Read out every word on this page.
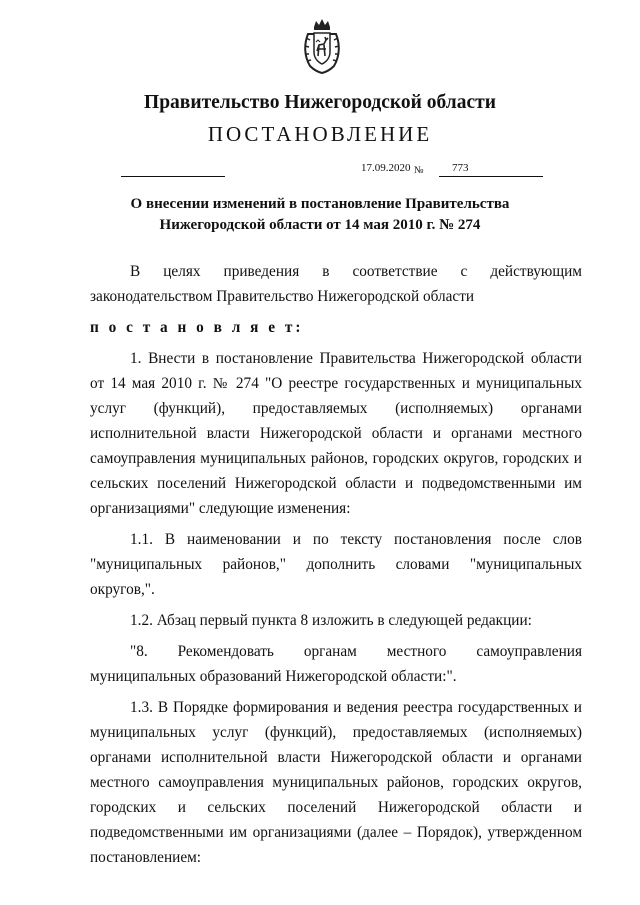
Правительство Нижегородской области
ПОСТАНОВЛЕНИЕ
17.09.2020 №	773
О внесении изменений в постановление Правительства
Нижегородской области от 14 мая 2010 г. № 274

В целях приведения в соответствие с действующим законодательством Правительство Нижегородской области

п о с т а н о в л я е т:

1. Внести в постановление Правительства Нижегородской области от 14 мая 2010 г. № 274 "О реестре государственных и муниципальных услуг (функций), предоставляемых (исполняемых) органами исполнительной власти Нижегородской области и органами местного самоуправления муниципальных районов, городских округов, городских и сельских поселений Нижегородской области и подведомственными им организациями" следующие изменения:

1.1. В наименовании и по тексту постановления после слов "муниципальных районов," дополнить словами "муниципальных округов,".

1.2. Абзац первый пункта 8 изложить в следующей редакции:

"8. Рекомендовать органам местного самоуправления муниципальных образований Нижегородской области:".

1.3. В Порядке формирования и ведения реестра государственных и муниципальных услуг (функций), предоставляемых (исполняемых) органами исполнительной власти Нижегородской области и органами местного самоуправления муниципальных районов, городских округов, городских и сельских поселений Нижегородской области и подведомственными им организациями (далее – Порядок), утвержденном постановлением:
